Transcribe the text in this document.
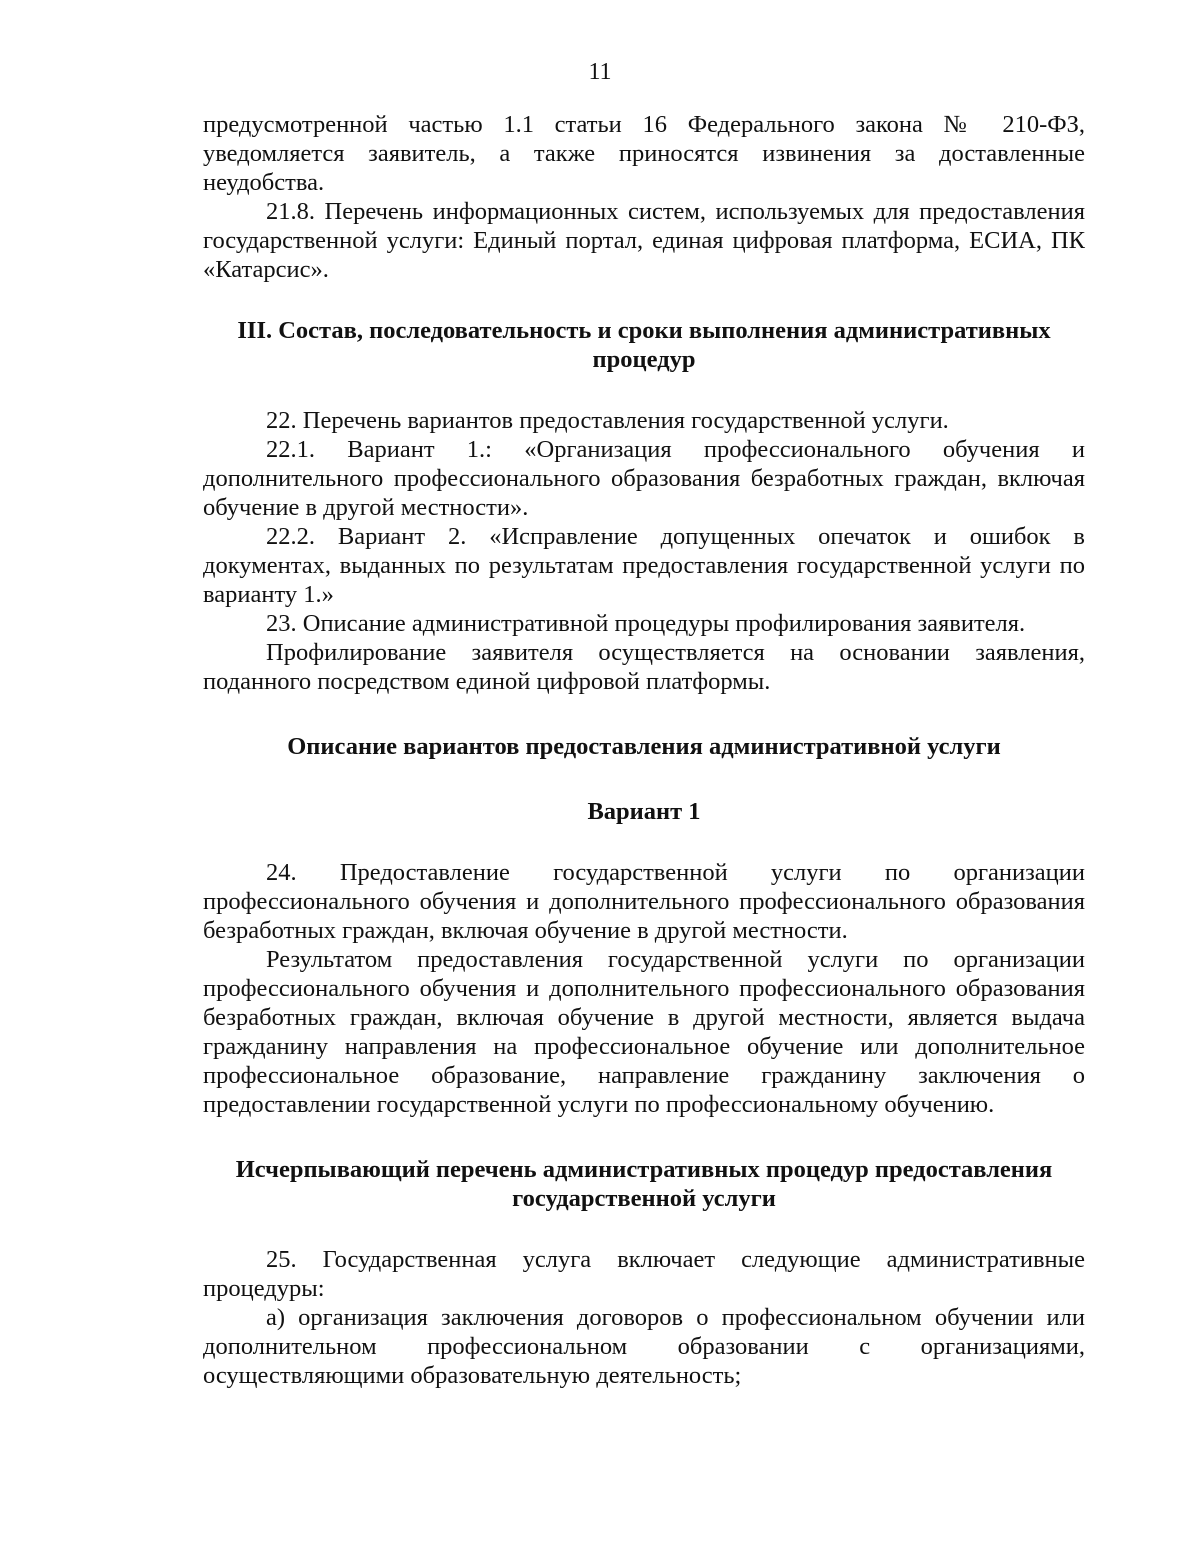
11

предусмотренной частью 1.1 статьи 16 Федерального закона № 210-ФЗ, уведомляется заявитель, а также приносятся извинения за доставленные неудобства.

21.8. Перечень информационных систем, используемых для предоставления государственной услуги: Единый портал, единая цифровая платформа, ЕСИА, ПК «Катарсис».

III. Состав, последовательность и сроки выполнения административных процедур

22. Перечень вариантов предоставления государственной услуги.

22.1. Вариант 1.: «Организация профессионального обучения и дополнительного профессионального образования безработных граждан, включая обучение в другой местности».

22.2. Вариант 2. «Исправление допущенных опечаток и ошибок в документах, выданных по результатам предоставления государственной услуги по варианту 1.»

23. Описание административной процедуры профилирования заявителя.

Профилирование заявителя осуществляется на основании заявления, поданного посредством единой цифровой платформы.

Описание вариантов предоставления административной услуги
Вариант 1

24. Предоставление государственной услуги по организации профессионального обучения и дополнительного профессионального образования безработных граждан, включая обучение в другой местности.

Результатом предоставления государственной услуги по организации профессионального обучения и дополнительного профессионального образования безработных граждан, включая обучение в другой местности, является выдача гражданину направления на профессиональное обучение или дополнительное профессиональное образование, направление гражданину заключения о предоставлении государственной услуги по профессиональному обучению.

Исчерпывающий перечень административных процедур предоставления государственной услуги

25. Государственная услуга включает следующие административные процедуры:

а) организация заключения договоров о профессиональном обучении или дополнительном профессиональном образовании с организациями, осуществляющими образовательную деятельность;
